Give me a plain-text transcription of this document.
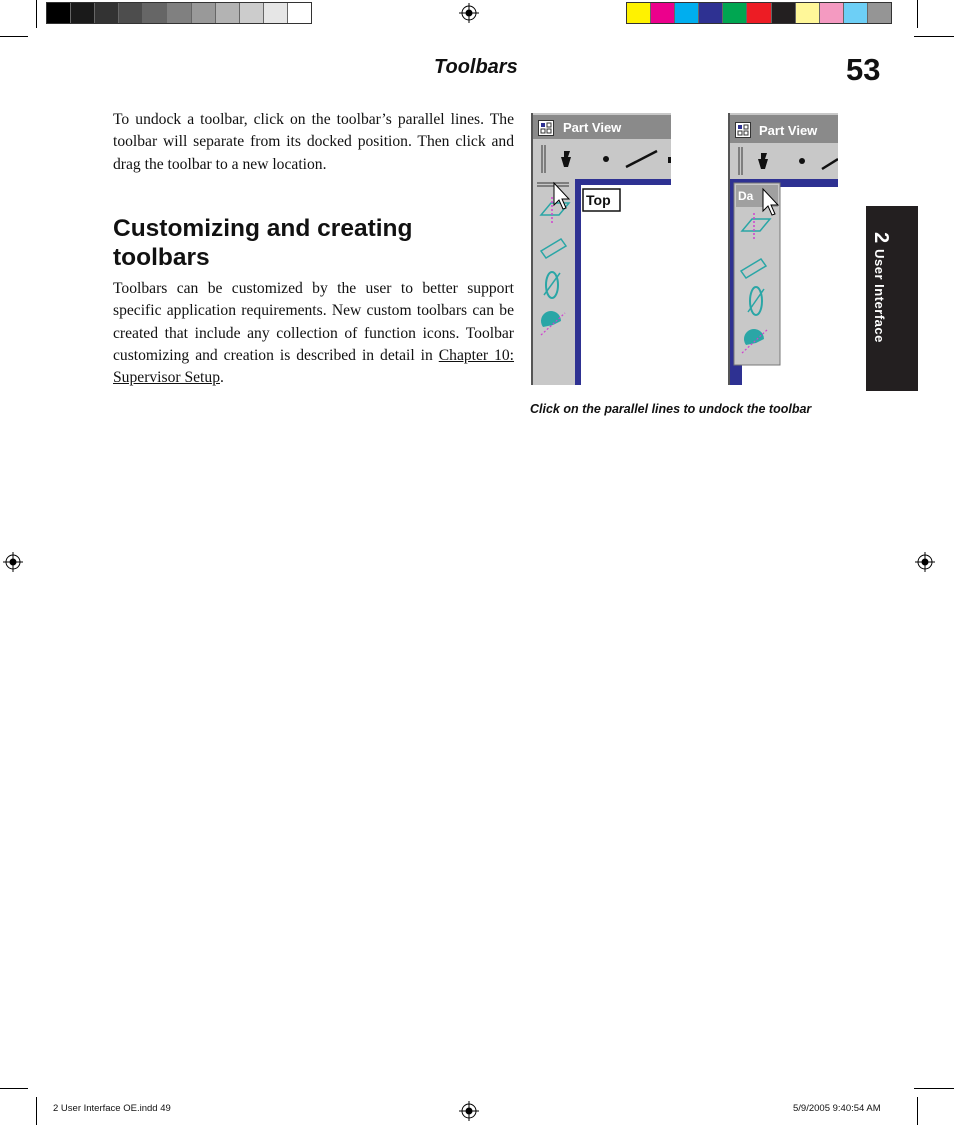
Toolbars	53
To undock a toolbar, click on the toolbar’s parallel lines. The toolbar will separate from its docked position. Then click and drag the toolbar to a new location.
Customizing and creating toolbars
Toolbars can be customized by the user to better support specific application requirements. New custom toolbars can be created that include any collection of function icons. Toolbar customizing and creation is described in detail in Chapter 10: Supervisor Setup.
Part View
Top
Part View
Da
Click on the parallel lines to undock the toolbar
2
User Interface
2 User Interface OE.indd 49	5/9/2005 9:40:54 AM
